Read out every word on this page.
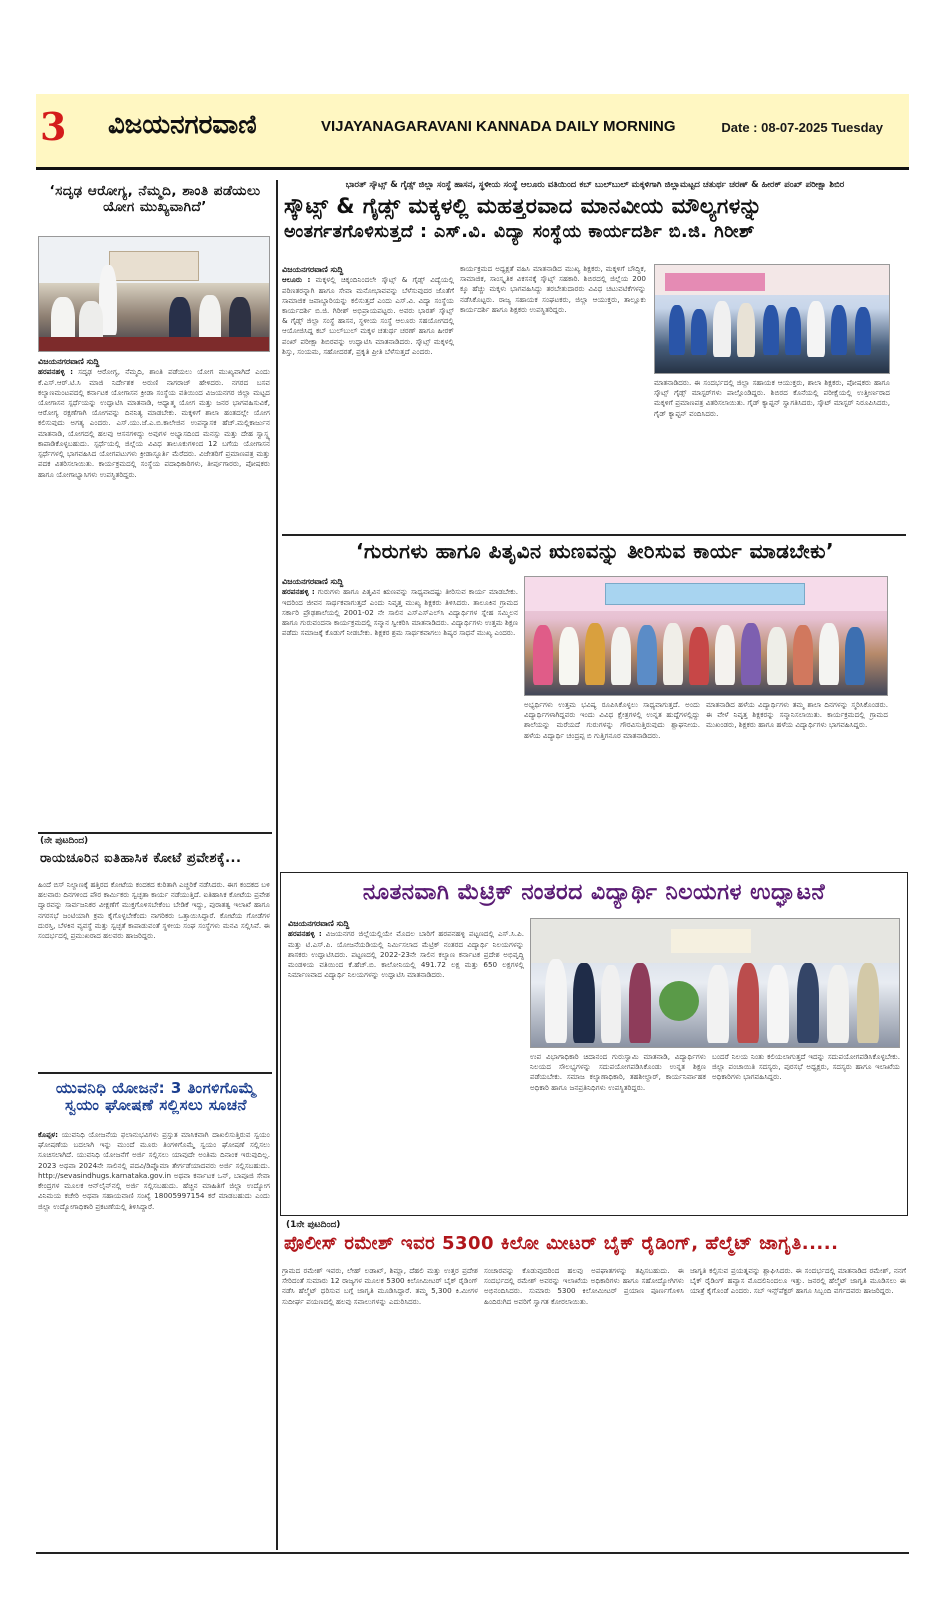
3 ವಿಜಯನಗರವಾಣಿ	VIJAYANAGARAVANI KANNADA DAILY MORNING	Date : 08-07-2025 Tuesday
‘ಸದೃಢ ಆರೋಗ್ಯ, ನೆಮ್ಮದಿ, ಶಾಂತಿ ಪಡೆಯಲು ಯೋಗ ಮುಖ್ಯವಾಗಿದೆ’
ವಿಜಯನಗರವಾಣಿ ಸುದ್ದಿ
ಹರಪನಹಳ್ಳಿ : ಸದೃಢ ಆರೋಗ್ಯ, ನೆಮ್ಮದಿ, ಶಾಂತಿ ಪಡೆಯಲು ಯೋಗ ಮುಖ್ಯವಾಗಿದೆ ಎಂದು ಕೆ.ಎಸ್.ಆರ್.ಟಿ.ಸಿ ಮಾಜಿ ನಿರ್ದೇಶಕ ಅರುಣಿ ನಾಗರಾಜ್ ಹೇಳಿದರು. ನಗರದ ಬಸವ ಕಲ್ಯಾಣಮಂಟಪದಲ್ಲಿ ಕರ್ನಾಟಕ ಯೋಗಾಸನ ಕ್ರೀಡಾ ಸಂಸ್ಥೆಯ ವತಿಯಿಂದ ವಿಜಯನಗರ ಜಿಲ್ಲಾ ಮಟ್ಟದ ಯೋಗಾಸನ ಸ್ಪರ್ಧೆಯನ್ನು ಉದ್ಘಾಟಿಸಿ ಮಾತನಾಡಿ, ಆಧ್ಯಾತ್ಮ ಯೋಗ ಮತ್ತು ಜನರ ಭಾಗವಹಿಸುವಿಕೆ, ಆರೋಗ್ಯ ರಕ್ಷಣೆಗಾಗಿ ಯೋಗವನ್ನು ದಿನನಿತ್ಯ ಮಾಡಬೇಕು. ಮಕ್ಕಳಿಗೆ ಶಾಲಾ ಹಂತದಲ್ಲೇ ಯೋಗ ಕಲಿಸುವುದು ಅಗತ್ಯ ಎಂದರು. ಎಸ್.ಯು.ಜೆ.ಎ.ಬಿ.ಕಾಲೇಜಿನ ಉಪನ್ಯಾಸಕ ಹೆಚ್.ಮಲ್ಲಿಕಾರ್ಜುನ ಮಾತನಾಡಿ, ಯೋಗದಲ್ಲಿ ಹಲವು ಆಸನಗಳಿದ್ದು ಅವುಗಳ ಅಭ್ಯಾಸದಿಂದ ಮನಸ್ಸು ಮತ್ತು ದೇಹ ಸ್ವಾಸ್ಥ್ಯ ಕಾಪಾಡಿಕೊಳ್ಳಬಹುದು. ಸ್ಪರ್ಧೆಯಲ್ಲಿ ಜಿಲ್ಲೆಯ ವಿವಿಧ ತಾಲೂಕುಗಳಿಂದ 12 ಬಗೆಯ ಯೋಗಾಸನ ಸ್ಪರ್ಧೆಗಳಲ್ಲಿ ಭಾಗವಹಿಸಿದ ಯೋಗಪಟುಗಳು ಕ್ರೀಡಾಸ್ಫೂರ್ತಿ ಮೆರೆದರು. ವಿಜೇತರಿಗೆ ಪ್ರಮಾಣಪತ್ರ ಮತ್ತು ಪದಕ ವಿತರಿಸಲಾಯಿತು. ಕಾರ್ಯಕ್ರಮದಲ್ಲಿ ಸಂಸ್ಥೆಯ ಪದಾಧಿಕಾರಿಗಳು, ತೀರ್ಪುಗಾರರು, ಪೋಷಕರು ಹಾಗೂ ಯೋಗಾಭ್ಯಾಸಿಗಳು ಉಪಸ್ಥಿತರಿದ್ದರು.
(ನೇ ಪುಟದಿಂದ)
ರಾಯಚೂರಿನ ಐತಿಹಾಸಿಕ ಕೋಟೆ ಪ್ರವೇಶಕ್ಕೆ...
ಹಿಂದೆ ಬಿಸ್ ನಿಲ್ದಾಣಕ್ಕೆ ಹತ್ತಿರದ ಕೋಟೆಯ ಕಂದಕದ ಕುರಿತಾಗಿ ಎಚ್ಚರಿಕೆ ನಡೆಸಿದರು. ಈಗ ಕಂದಕದ ಬಳಿ ಹಲವಾರು ದಿನಗಳಿಂದ ಪೌರ ಕಾರ್ಮಿಕರು ಸ್ವಚ್ಛತಾ ಕಾರ್ಯ ನಡೆಯುತ್ತಿದೆ. ಐತಿಹಾಸಿಕ ಕೋಟೆಯ ಪ್ರವೇಶ ದ್ವಾರವನ್ನು ಸಾರ್ವಜನಿಕರ ವೀಕ್ಷಣೆಗೆ ಮುಕ್ತಗೊಳಿಸಬೇಕೆಂಬ ಬೇಡಿಕೆ ಇದ್ದು, ಪುರಾತತ್ವ ಇಲಾಖೆ ಹಾಗೂ ನಗರಸಭೆ ಜಂಟಿಯಾಗಿ ಕ್ರಮ ಕೈಗೊಳ್ಳಬೇಕೆಂದು ನಾಗರಿಕರು ಒತ್ತಾಯಿಸಿದ್ದಾರೆ. ಕೋಟೆಯ ಗೋಡೆಗಳ ದುರಸ್ತಿ, ಬೆಳಕಿನ ವ್ಯವಸ್ಥೆ ಮತ್ತು ಸ್ವಚ್ಛತೆ ಕಾಪಾಡುವಂತೆ ಸ್ಥಳೀಯ ಸಂಘ ಸಂಸ್ಥೆಗಳು ಮನವಿ ಸಲ್ಲಿಸಿವೆ. ಈ ಸಂದರ್ಭದಲ್ಲಿ ಪ್ರಮುಖರಾದ ಹಲವರು ಹಾಜರಿದ್ದರು.
ಯುವನಿಧಿ ಯೋಜನೆ: 3 ತಿಂಗಳಿಗೊಮ್ಮೆ ಸ್ವಯಂ ಘೋಷಣೆ ಸಲ್ಲಿಸಲು ಸೂಚನೆ
ಕೊಪ್ಪಳ: ಯುವನಿಧಿ ಯೋಜನೆಯ ಫಲಾನುಭವಿಗಳು ಪ್ರಸ್ತುತ ಮಾಸಿಕವಾಗಿ ದಾಖಲಿಸುತ್ತಿರುವ ಸ್ವಯಂ ಘೋಷಣೆಯ ಬದಲಾಗಿ ಇನ್ನು ಮುಂದೆ ಮೂರು ತಿಂಗಳಿಗೊಮ್ಮೆ ಸ್ವಯಂ ಘೋಷಣೆ ಸಲ್ಲಿಸಲು ಸೂಚಿಸಲಾಗಿದೆ. ಯುವನಿಧಿ ಯೋಜನೆಗೆ ಅರ್ಜಿ ಸಲ್ಲಿಸಲು ಯಾವುದೇ ಅಂತಿಮ ದಿನಾಂಕ ಇರುವುದಿಲ್ಲ. 2023 ಅಥವಾ 2024ನೇ ಸಾಲಿನಲ್ಲಿ ಪದವಿ/ಡಿಪ್ಲೊಮಾ ತೇರ್ಗಡೆಯಾದವರು ಅರ್ಜಿ ಸಲ್ಲಿಸಬಹುದು. http://sevasindhugs.karnataka.gov.in ಅಥವಾ ಕರ್ನಾಟಕ ಒನ್, ಬಾಪೂಜಿ ಸೇವಾ ಕೇಂದ್ರಗಳ ಮೂಲಕ ಆನ್‌ಲೈನ್‌ನಲ್ಲಿ ಅರ್ಜಿ ಸಲ್ಲಿಸಬಹುದು. ಹೆಚ್ಚಿನ ಮಾಹಿತಿಗೆ ಜಿಲ್ಲಾ ಉದ್ಯೋಗ ವಿನಿಮಯ ಕಚೇರಿ ಅಥವಾ ಸಹಾಯವಾಣಿ ಸಂಖ್ಯೆ 18005997154 ಕರೆ ಮಾಡಬಹುದು ಎಂದು ಜಿಲ್ಲಾ ಉದ್ಯೋಗಾಧಿಕಾರಿ ಪ್ರಕಟಣೆಯಲ್ಲಿ ತಿಳಿಸಿದ್ದಾರೆ.
ಭಾರತ್ ಸ್ಕೌಟ್ಸ್ & ಗೈಡ್ಸ್ ಜಿಲ್ಲಾ ಸಂಸ್ಥೆ ಹಾಸನ, ಸ್ಥಳೀಯ ಸಂಸ್ಥೆ ಆಲೂರು ವತಿಯಿಂದ ಕಬ್ ಬುಲ್‌ಬುಲ್ ಮಕ್ಕಳಿಗಾಗಿ ಜಿಲ್ಲಾಮಟ್ಟದ ಚತುರ್ಥ ಚರಣ್ & ಹೀರಕ್ ಪಂಖ್ ಪರೀಕ್ಷಾ ಶಿಬಿರ
ಸ್ಕೌಟ್ಸ್ & ಗೈಡ್ಸ್ ಮಕ್ಕಳಲ್ಲಿ ಮಹತ್ತರವಾದ ಮಾನವೀಯ ಮೌಲ್ಯಗಳನ್ನು
ಅಂತರ್ಗತಗೊಳಿಸುತ್ತದೆ : ಎಸ್.ವಿ. ವಿದ್ಯಾ ಸಂಸ್ಥೆಯ ಕಾರ್ಯದರ್ಶಿ ಬಿ.ಜಿ. ಗಿರೀಶ್
ವಿಜಯನಗರವಾಣಿ ಸುದ್ದಿ
ಆಲೂರು : ಮಕ್ಕಳಲ್ಲಿ ಚಿಕ್ಕಂದಿನಿಂದಲೇ ಸ್ಕೌಟ್ಸ್ & ಗೈಡ್ಸ್ ವಿದ್ಯೆಯಲ್ಲಿ ಪರಿಣತರನ್ನಾಗಿ ಹಾಗೂ ಸೇವಾ ಮನೋಭಾವವನ್ನು ಬೆಳೆಸುವುದರ ಜೊತೆಗೆ ಸಾಮಾಜಿಕ ಜವಾಬ್ದಾರಿಯನ್ನು ಕಲಿಸುತ್ತದೆ ಎಂದು ಎಸ್.ವಿ. ವಿದ್ಯಾ ಸಂಸ್ಥೆಯ ಕಾರ್ಯದರ್ಶಿ ಬಿ.ಜಿ. ಗಿರೀಶ್ ಅಭಿಪ್ರಾಯಪಟ್ಟರು. ಅವರು ಭಾರತ್ ಸ್ಕೌಟ್ಸ್ & ಗೈಡ್ಸ್ ಜಿಲ್ಲಾ ಸಂಸ್ಥೆ ಹಾಸನ, ಸ್ಥಳೀಯ ಸಂಸ್ಥೆ ಆಲೂರು ಸಹಯೋಗದಲ್ಲಿ ಆಯೋಜಿಸಿದ್ದ ಕಬ್ ಬುಲ್‌ಬುಲ್ ಮಕ್ಕಳ ಚತುರ್ಥ ಚರಣ್ ಹಾಗೂ ಹೀರಕ್ ಪಂಖ್ ಪರೀಕ್ಷಾ ಶಿಬಿರವನ್ನು ಉದ್ಘಾಟಿಸಿ ಮಾತನಾಡಿದರು. ಸ್ಕೌಟ್ಸ್ ಮಕ್ಕಳಲ್ಲಿ ಶಿಸ್ತು, ಸಂಯಮ, ಸಹೋದರತೆ, ಪ್ರಕೃತಿ ಪ್ರೀತಿ ಬೆಳೆಸುತ್ತದೆ ಎಂದರು.
ಕಾರ್ಯಕ್ರಮದ ಅಧ್ಯಕ್ಷತೆ ವಹಿಸಿ ಮಾತನಾಡಿದ ಮುಖ್ಯ ಶಿಕ್ಷಕರು, ಮಕ್ಕಳಿಗೆ ಬೌದ್ಧಿಕ, ಸಾಮಾಜಿಕ, ಸಾಂಸ್ಕೃತಿಕ ವಿಕಸನಕ್ಕೆ ಸ್ಕೌಟ್ಸ್ ಸಹಕಾರಿ. ಶಿಬಿರದಲ್ಲಿ ಜಿಲ್ಲೆಯ 200 ಕ್ಕೂ ಹೆಚ್ಚು ಮಕ್ಕಳು ಭಾಗವಹಿಸಿದ್ದು ತರಬೇತುದಾರರು ವಿವಿಧ ಚಟುವಟಿಕೆಗಳನ್ನು ನಡೆಸಿಕೊಟ್ಟರು. ರಾಜ್ಯ ಸಹಾಯಕ ಸಂಘಟಕರು, ಜಿಲ್ಲಾ ಆಯುಕ್ತರು, ತಾಲ್ಲೂಕು ಕಾರ್ಯದರ್ಶಿ ಹಾಗೂ ಶಿಕ್ಷಕರು ಉಪಸ್ಥಿತರಿದ್ದರು.
ಮಾತನಾಡಿದರು. ಈ ಸಂದರ್ಭದಲ್ಲಿ ಜಿಲ್ಲಾ ಸಹಾಯಕ ಆಯುಕ್ತರು, ಶಾಲಾ ಶಿಕ್ಷಕರು, ಪೋಷಕರು ಹಾಗೂ ಸ್ಕೌಟ್ಸ್ ಗೈಡ್ಸ್ ಮಾಸ್ಟರ್‌ಗಳು ಪಾಲ್ಗೊಂಡಿದ್ದರು. ಶಿಬಿರದ ಕೊನೆಯಲ್ಲಿ ಪರೀಕ್ಷೆಯಲ್ಲಿ ಉತ್ತೀರ್ಣರಾದ ಮಕ್ಕಳಿಗೆ ಪ್ರಮಾಣಪತ್ರ ವಿತರಿಸಲಾಯಿತು. ಗೈಡ್ ಕ್ಯಾಪ್ಟನ್ ಸ್ವಾಗತಿಸಿದರು, ಸ್ಕೌಟ್ ಮಾಸ್ಟರ್ ನಿರೂಪಿಸಿದರು, ಗೈಡ್ ಕ್ಯಾಪ್ಟನ್ ವಂದಿಸಿದರು.
‘ಗುರುಗಳು ಹಾಗೂ ಪಿತೃವಿನ ಋಣವನ್ನು ತೀರಿಸುವ ಕಾರ್ಯ ಮಾಡಬೇಕು’
ವಿಜಯನಗರವಾಣಿ ಸುದ್ದಿ
ಹರಪನಹಳ್ಳಿ : ಗುರುಗಳು ಹಾಗೂ ಪಿತೃವಿನ ಋಣವನ್ನು ಸಾಧ್ಯವಾದಷ್ಟು ತೀರಿಸುವ ಕಾರ್ಯ ಮಾಡಬೇಕು. ಇದರಿಂದ ಜೀವನ ಸಾರ್ಥಕವಾಗುತ್ತದೆ ಎಂದು ನಿವೃತ್ತ ಮುಖ್ಯ ಶಿಕ್ಷಕರು ತಿಳಿಸಿದರು. ತಾಲೂಕಿನ ಗ್ರಾಮದ ಸರ್ಕಾರಿ ಪ್ರೌಢಶಾಲೆಯಲ್ಲಿ 2001-02 ನೇ ಸಾಲಿನ ಎಸ್‌ಎಸ್‌ಎಲ್‌ಸಿ ವಿದ್ಯಾರ್ಥಿಗಳ ಸ್ನೇಹ ಸಮ್ಮಿಲನ ಹಾಗೂ ಗುರುವಂದನಾ ಕಾರ್ಯಕ್ರಮದಲ್ಲಿ ಸನ್ಮಾನ ಸ್ವೀಕರಿಸಿ ಮಾತನಾಡಿದರು. ವಿದ್ಯಾರ್ಥಿಗಳು ಉತ್ತಮ ಶಿಕ್ಷಣ ಪಡೆದು ಸಮಾಜಕ್ಕೆ ಕೊಡುಗೆ ನೀಡಬೇಕು. ಶಿಕ್ಷಕರ ಶ್ರಮ ಸಾರ್ಥಕವಾಗಲು ಶಿಷ್ಯರ ಸಾಧನೆ ಮುಖ್ಯ ಎಂದರು.
ಅಭ್ಯರ್ಥಿಗಳು ಉತ್ತಮ ಭವಿಷ್ಯ ರೂಪಿಸಿಕೊಳ್ಳಲು ಸಾಧ್ಯವಾಗುತ್ತದೆ. ಅಂದು ವಿದ್ಯಾರ್ಥಿಗಳಾಗಿದ್ದವರು ಇಂದು ವಿವಿಧ ಕ್ಷೇತ್ರಗಳಲ್ಲಿ ಉನ್ನತ ಹುದ್ದೆಗಳಲ್ಲಿದ್ದು ಶಾಲೆಯನ್ನು ಮರೆಯದೆ ಗುರುಗಳನ್ನು ಗೌರವಿಸುತ್ತಿರುವುದು ಶ್ಲಾಘನೀಯ. ಹಳೆಯ ವಿದ್ಯಾರ್ಥಿ ಚಂದ್ರಪ್ಪ ಬಿ ಗುತ್ತಿಗನೂರ ಮಾತನಾಡಿದರು.
ಮಾತನಾಡಿದ ಹಳೆಯ ವಿದ್ಯಾರ್ಥಿಗಳು ತಮ್ಮ ಶಾಲಾ ದಿನಗಳನ್ನು ಸ್ಮರಿಸಿಕೊಂಡರು. ಈ ವೇಳೆ ನಿವೃತ್ತ ಶಿಕ್ಷಕರನ್ನು ಸನ್ಮಾನಿಸಲಾಯಿತು. ಕಾರ್ಯಕ್ರಮದಲ್ಲಿ ಗ್ರಾಮದ ಮುಖಂಡರು, ಶಿಕ್ಷಕರು ಹಾಗೂ ಹಳೆಯ ವಿದ್ಯಾರ್ಥಿಗಳು ಭಾಗವಹಿಸಿದ್ದರು.
ನೂತನವಾಗಿ ಮೆಟ್ರಿಕ್ ನಂತರದ ವಿದ್ಯಾರ್ಥಿ ನಿಲಯಗಳ ಉದ್ಘಾಟನೆ
ವಿಜಯನಗರವಾಣಿ ಸುದ್ದಿ
ಹರಪನಹಳ್ಳಿ : ವಿಜಯನಗರ ಜಿಲ್ಲೆಯಲ್ಲಿಯೇ ಮೊದಲ ಬಾರಿಗೆ ಹರಪನಹಳ್ಳಿ ಪಟ್ಟಣದಲ್ಲಿ ಎಸ್.ಸಿ.ಪಿ. ಮತ್ತು ಟಿ.ಎಸ್.ಪಿ. ಯೋಜನೆಯಡಿಯಲ್ಲಿ ನಿರ್ಮಿಸಲಾದ ಮೆಟ್ರಿಕ್ ನಂತರದ ವಿದ್ಯಾರ್ಥಿ ನಿಲಯಗಳನ್ನು ಶಾಸಕರು ಉದ್ಘಾಟಿಸಿದರು. ಪಟ್ಟಣದಲ್ಲಿ 2022-23ನೇ ಸಾಲಿನ ಕಲ್ಯಾಣ ಕರ್ನಾಟಕ ಪ್ರದೇಶ ಅಭಿವೃದ್ಧಿ ಮಂಡಳಿಯ ವತಿಯಿಂದ ಕೆ.ಹೆಚ್.ಬಿ. ಕಾಲೋನಿಯಲ್ಲಿ 491.72 ಲಕ್ಷ ಮತ್ತು 650 ಲಕ್ಷಗಳಲ್ಲಿ ನಿರ್ಮಾಣವಾದ ವಿದ್ಯಾರ್ಥಿ ನಿಲಯಗಳನ್ನು ಉದ್ಘಾಟಿಸಿ ಮಾತನಾಡಿದರು.
ಉಪ ವಿಭಾಗಾಧಿಕಾರಿ ಚಿದಾನಂದ ಗುರುಸ್ವಾಮಿ ಮಾತನಾಡಿ, ವಿದ್ಯಾರ್ಥಿಗಳು ನಿಲಯದ ಸೌಲಭ್ಯಗಳನ್ನು ಸದುಪಯೋಗಪಡಿಸಿಕೊಂಡು ಉನ್ನತ ಶಿಕ್ಷಣ ಪಡೆಯಬೇಕು. ಸಮಾಜ ಕಲ್ಯಾಣಾಧಿಕಾರಿ, ತಹಶೀಲ್ದಾರ್, ಕಾರ್ಯನಿರ್ವಾಹಕ ಅಧಿಕಾರಿ ಹಾಗೂ ಜನಪ್ರತಿನಿಧಿಗಳು ಉಪಸ್ಥಿತರಿದ್ದರು.
ಬಂದರೆ ನಿಲಯ ನಿಂತು ಕಲಿಯಲಾಗುತ್ತದೆ ಇದನ್ನು ಸದುಪಯೋಗಪಡಿಸಿಕೊಳ್ಳಬೇಕು. ಜಿಲ್ಲಾ ಪಂಚಾಯಿತಿ ಸದಸ್ಯರು, ಪುರಸಭೆ ಅಧ್ಯಕ್ಷರು, ಸದಸ್ಯರು ಹಾಗೂ ಇಲಾಖೆಯ ಅಧಿಕಾರಿಗಳು ಭಾಗವಹಿಸಿದ್ದರು.
(1ನೇ ಪುಟದಿಂದ)
ಪೊಲೀಸ್ ರಮೇಶ್ ಇವರ 5300 ಕಿಲೋ ಮೀಟರ್ ಬೈಕ್ ರೈಡಿಂಗ್, ಹೆಲ್ಮೆಟ್ ಜಾಗೃತಿ.....
ಗ್ರಾಮದ ರಮೇಶ್ ಇವರು, ಲೇಹ್ ಲಡಾಖ್, ಶಿಮ್ಲಾ, ದೆಹಲಿ ಮತ್ತು ಉತ್ತರ ಪ್ರದೇಶ ಸೇರಿದಂತೆ ಸುಮಾರು 12 ರಾಜ್ಯಗಳ ಮೂಲಕ 5300 ಕಿಲೋಮೀಟರ್ ಬೈಕ್ ರೈಡಿಂಗ್ ನಡೆಸಿ ಹೆಲ್ಮೆಟ್ ಧರಿಸುವ ಬಗ್ಗೆ ಜಾಗೃತಿ ಮೂಡಿಸಿದ್ದಾರೆ. ತಮ್ಮ 5,300 ಕಿ.ಮೀಗಳ ಸುದೀರ್ಘ ಪಯಣದಲ್ಲಿ ಹಲವು ಸವಾಲುಗಳನ್ನು ಎದುರಿಸಿದರು.
ಸಂಚಾರವನ್ನು ಕೊಡುವುದರಿಂದ ಹಲವು ಅಪಘಾತಗಳನ್ನು ತಪ್ಪಿಸಬಹುದು. ಈ ಸಂದರ್ಭದಲ್ಲಿ ರಮೇಶ್ ಅವರನ್ನು ಇಲಾಖೆಯ ಅಧಿಕಾರಿಗಳು ಹಾಗೂ ಸಹೋದ್ಯೋಗಿಗಳು ಅಭಿನಂದಿಸಿದರು. ಸುಮಾರು 5300 ಕಿಲೋಮೀಟರ್ ಪ್ರಯಾಣ ಪೂರ್ಣಗೊಳಿಸಿ ಹಿಂದಿರುಗಿದ ಅವರಿಗೆ ಸ್ವಾಗತ ಕೋರಲಾಯಿತು.
ಜಾಗೃತಿ ಕಲ್ಪಿಸುವ ಪ್ರಯತ್ನವನ್ನು ಶ್ಲಾಘಿಸಿದರು. ಈ ಸಂದರ್ಭದಲ್ಲಿ ಮಾತನಾಡಿದ ರಮೇಶ್, ನನಗೆ ಬೈಕ್ ರೈಡಿಂಗ್ ಹವ್ಯಾಸ ಮೊದಲಿನಿಂದಲೂ ಇತ್ತು. ಜನರಲ್ಲಿ ಹೆಲ್ಮೆಟ್ ಜಾಗೃತಿ ಮೂಡಿಸಲು ಈ ಯಾತ್ರೆ ಕೈಗೊಂಡೆ ಎಂದರು. ಸಬ್ ಇನ್ಸ್‌ಪೆಕ್ಟರ್ ಹಾಗೂ ಸಿಬ್ಬಂದಿ ವರ್ಗದವರು ಹಾಜರಿದ್ದರು.
